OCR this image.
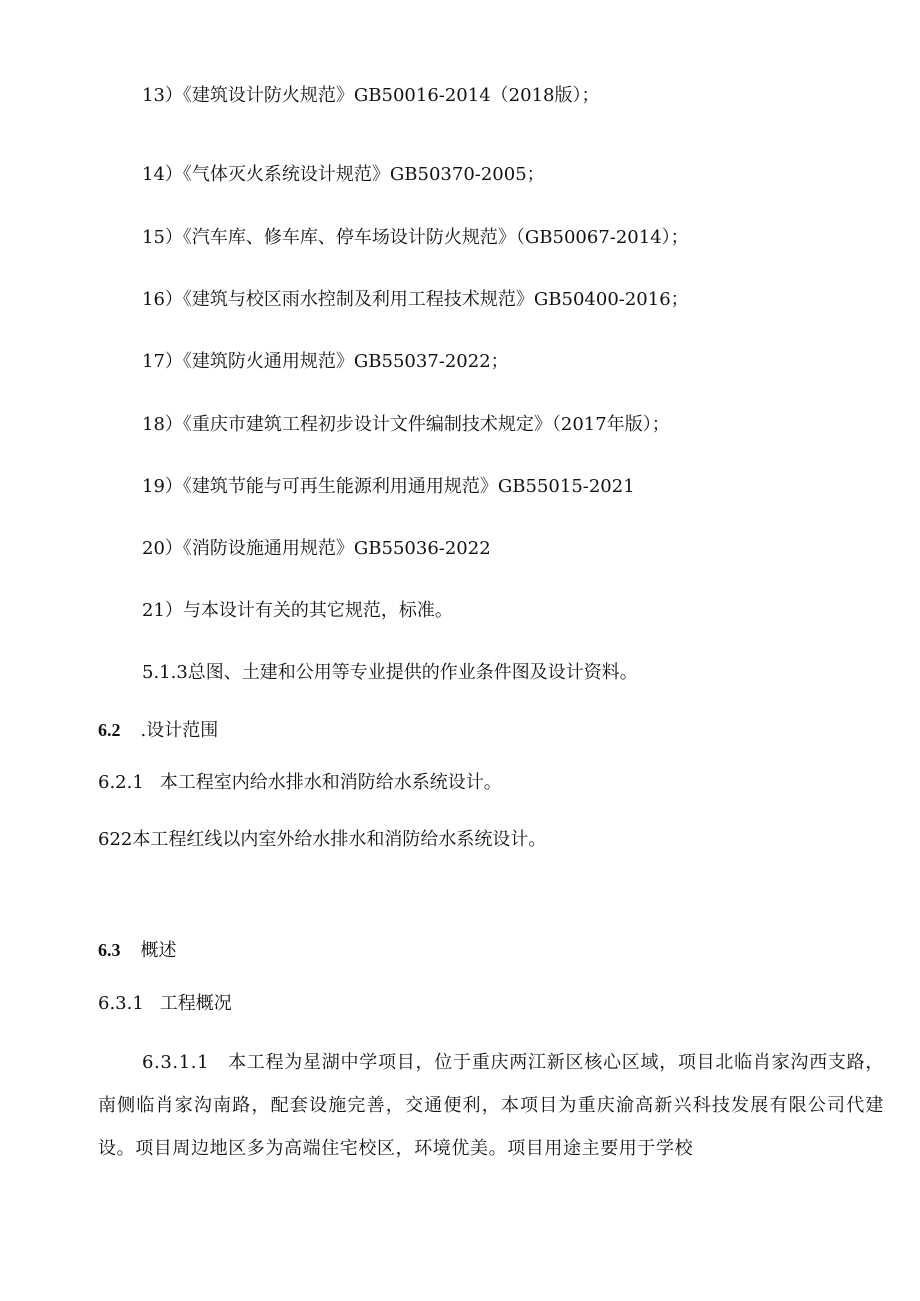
13）《建筑设计防火规范》GB50016-2014（2018版）；
14）《气体灭火系统设计规范》GB50370-2005；
15）《汽车库、修车库、停车场设计防火规范》（GB50067-2014）；
16）《建筑与校区雨水控制及利用工程技术规范》GB50400-2016；
17）《建筑防火通用规范》GB55037-2022；
18）《重庆市建筑工程初步设计文件编制技术规定》（2017年版）；
19）《建筑节能与可再生能源利用通用规范》GB55015-2021
20）《消防设施通用规范》GB55036-2022
21）与本设计有关的其它规范，标准。
5.1.3总图、土建和公用等专业提供的作业条件图及设计资料。
6.2 .设计范围
6.2.1 本工程室内给水排水和消防给水系统设计。
622本工程红线以内室外给水排水和消防给水系统设计。
6.3 概述
6.3.1 工程概况
6.3.1.1　本工程为星湖中学项目，位于重庆两江新区核心区域，项目北临肖家沟西支路，南侧临肖家沟南路，配套设施完善，交通便利，本项目为重庆渝高新兴科技发展有限公司代建设。项目周边地区多为高端住宅校区，环境优美。项目用途主要用于学校
